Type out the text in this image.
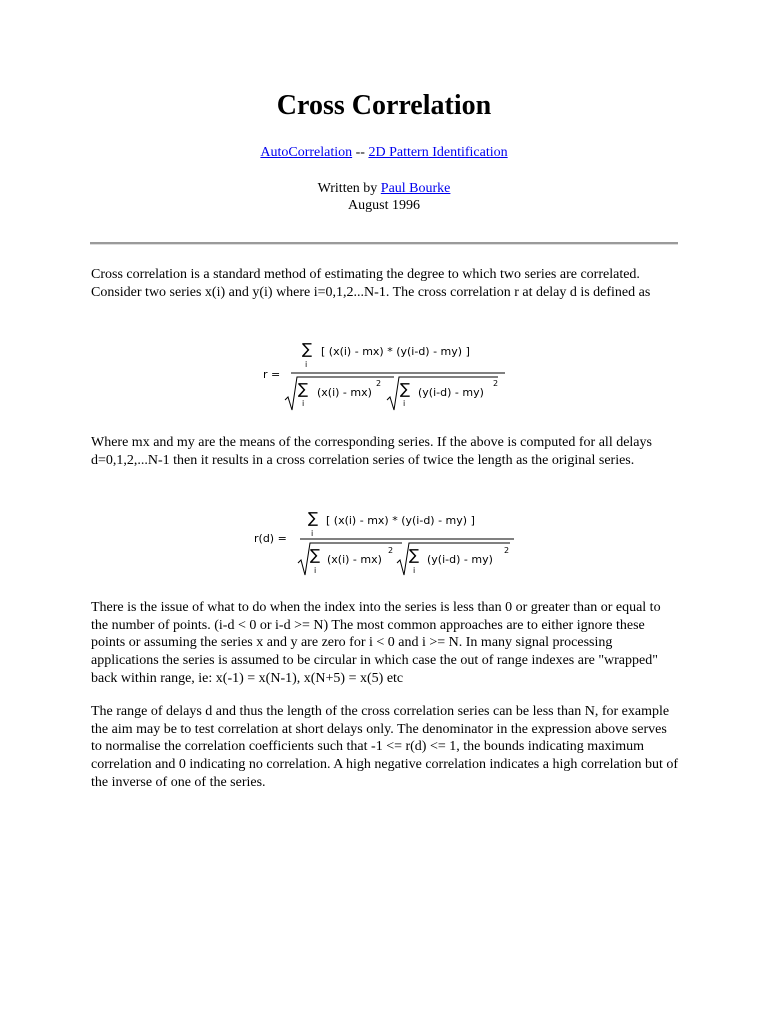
Cross Correlation
AutoCorrelation -- 2D Pattern Identification
Written by Paul Bourke
August 1996

Cross correlation is a standard method of estimating the degree to which two series are correlated. Consider two series x(i) and y(i) where i=0,1,2...N-1. The cross correlation r at delay d is defined as

r =
∑
i
[ (x(i) - mx) * (y(i-d) - my) ]
∑
i
(x(i) - mx)
2 ∑
i
(y(i-d) - my)
2

Where mx and my are the means of the corresponding series. If the above is computed for all delays d=0,1,2,...N-1 then it results in a cross correlation series of twice the length as the original series.

r(d) =
∑
i
[ (x(i) - mx) * (y(i-d) - my) ]
∑
i
(x(i) - mx)
2 ∑
i
(y(i-d) - my)
2

There is the issue of what to do when the index into the series is less than 0 or greater than or equal to the number of points. (i-d < 0 or i-d >= N) The most common approaches are to either ignore these points or assuming the series x and y are zero for i < 0 and i >= N. In many signal processing applications the series is assumed to be circular in which case the out of range indexes are "wrapped" back within range, ie: x(-1) = x(N-1), x(N+5) = x(5) etc

The range of delays d and thus the length of the cross correlation series can be less than N, for example the aim may be to test correlation at short delays only. The denominator in the expression above serves to normalise the correlation coefficients such that -1 <= r(d) <= 1, the bounds indicating maximum correlation and 0 indicating no correlation. A high negative correlation indicates a high correlation but of the inverse of one of the series.
